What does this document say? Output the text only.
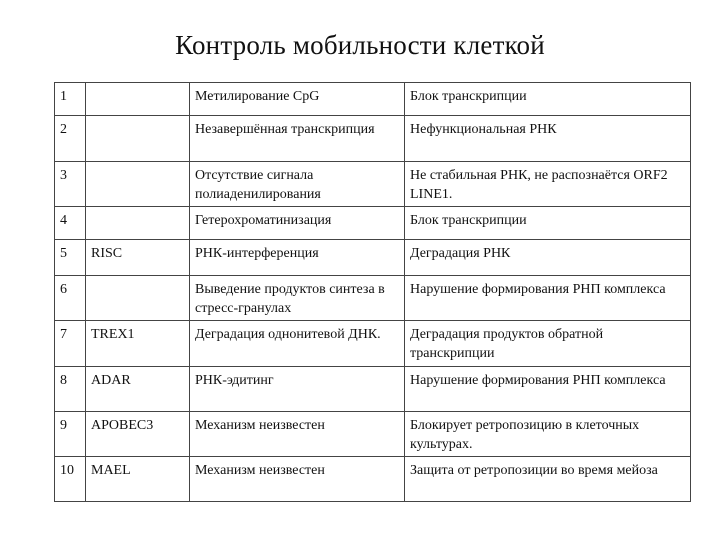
Контроль мобильности клеткой
1		Метилирование CpG	Блок транскрипции
2		Незавершённая транскрипция	Нефункциональная РНК
3		Отсутствие сигнала полиаденилирования	Не стабильная РНК, не распознаётся ORF2 LINE1.
4		Гетерохроматинизация	Блок транскрипции
5	RISC	РНК-интерференция	Деградация РНК
6		Выведение продуктов синтеза в стресс-гранулах	Нарушение формирования РНП комплекса
7	TREX1	Деградация однонитевой ДНК.	Деградация продуктов обратной транскрипции
8	ADAR	РНК-эдитинг	Нарушение формирования РНП комплекса
9	APOBEC3	Механизм неизвестен	Блокирует ретропозицию в клеточных культурах.
10	MAEL	Механизм неизвестен	Защита от ретропозиции во время мейоза
